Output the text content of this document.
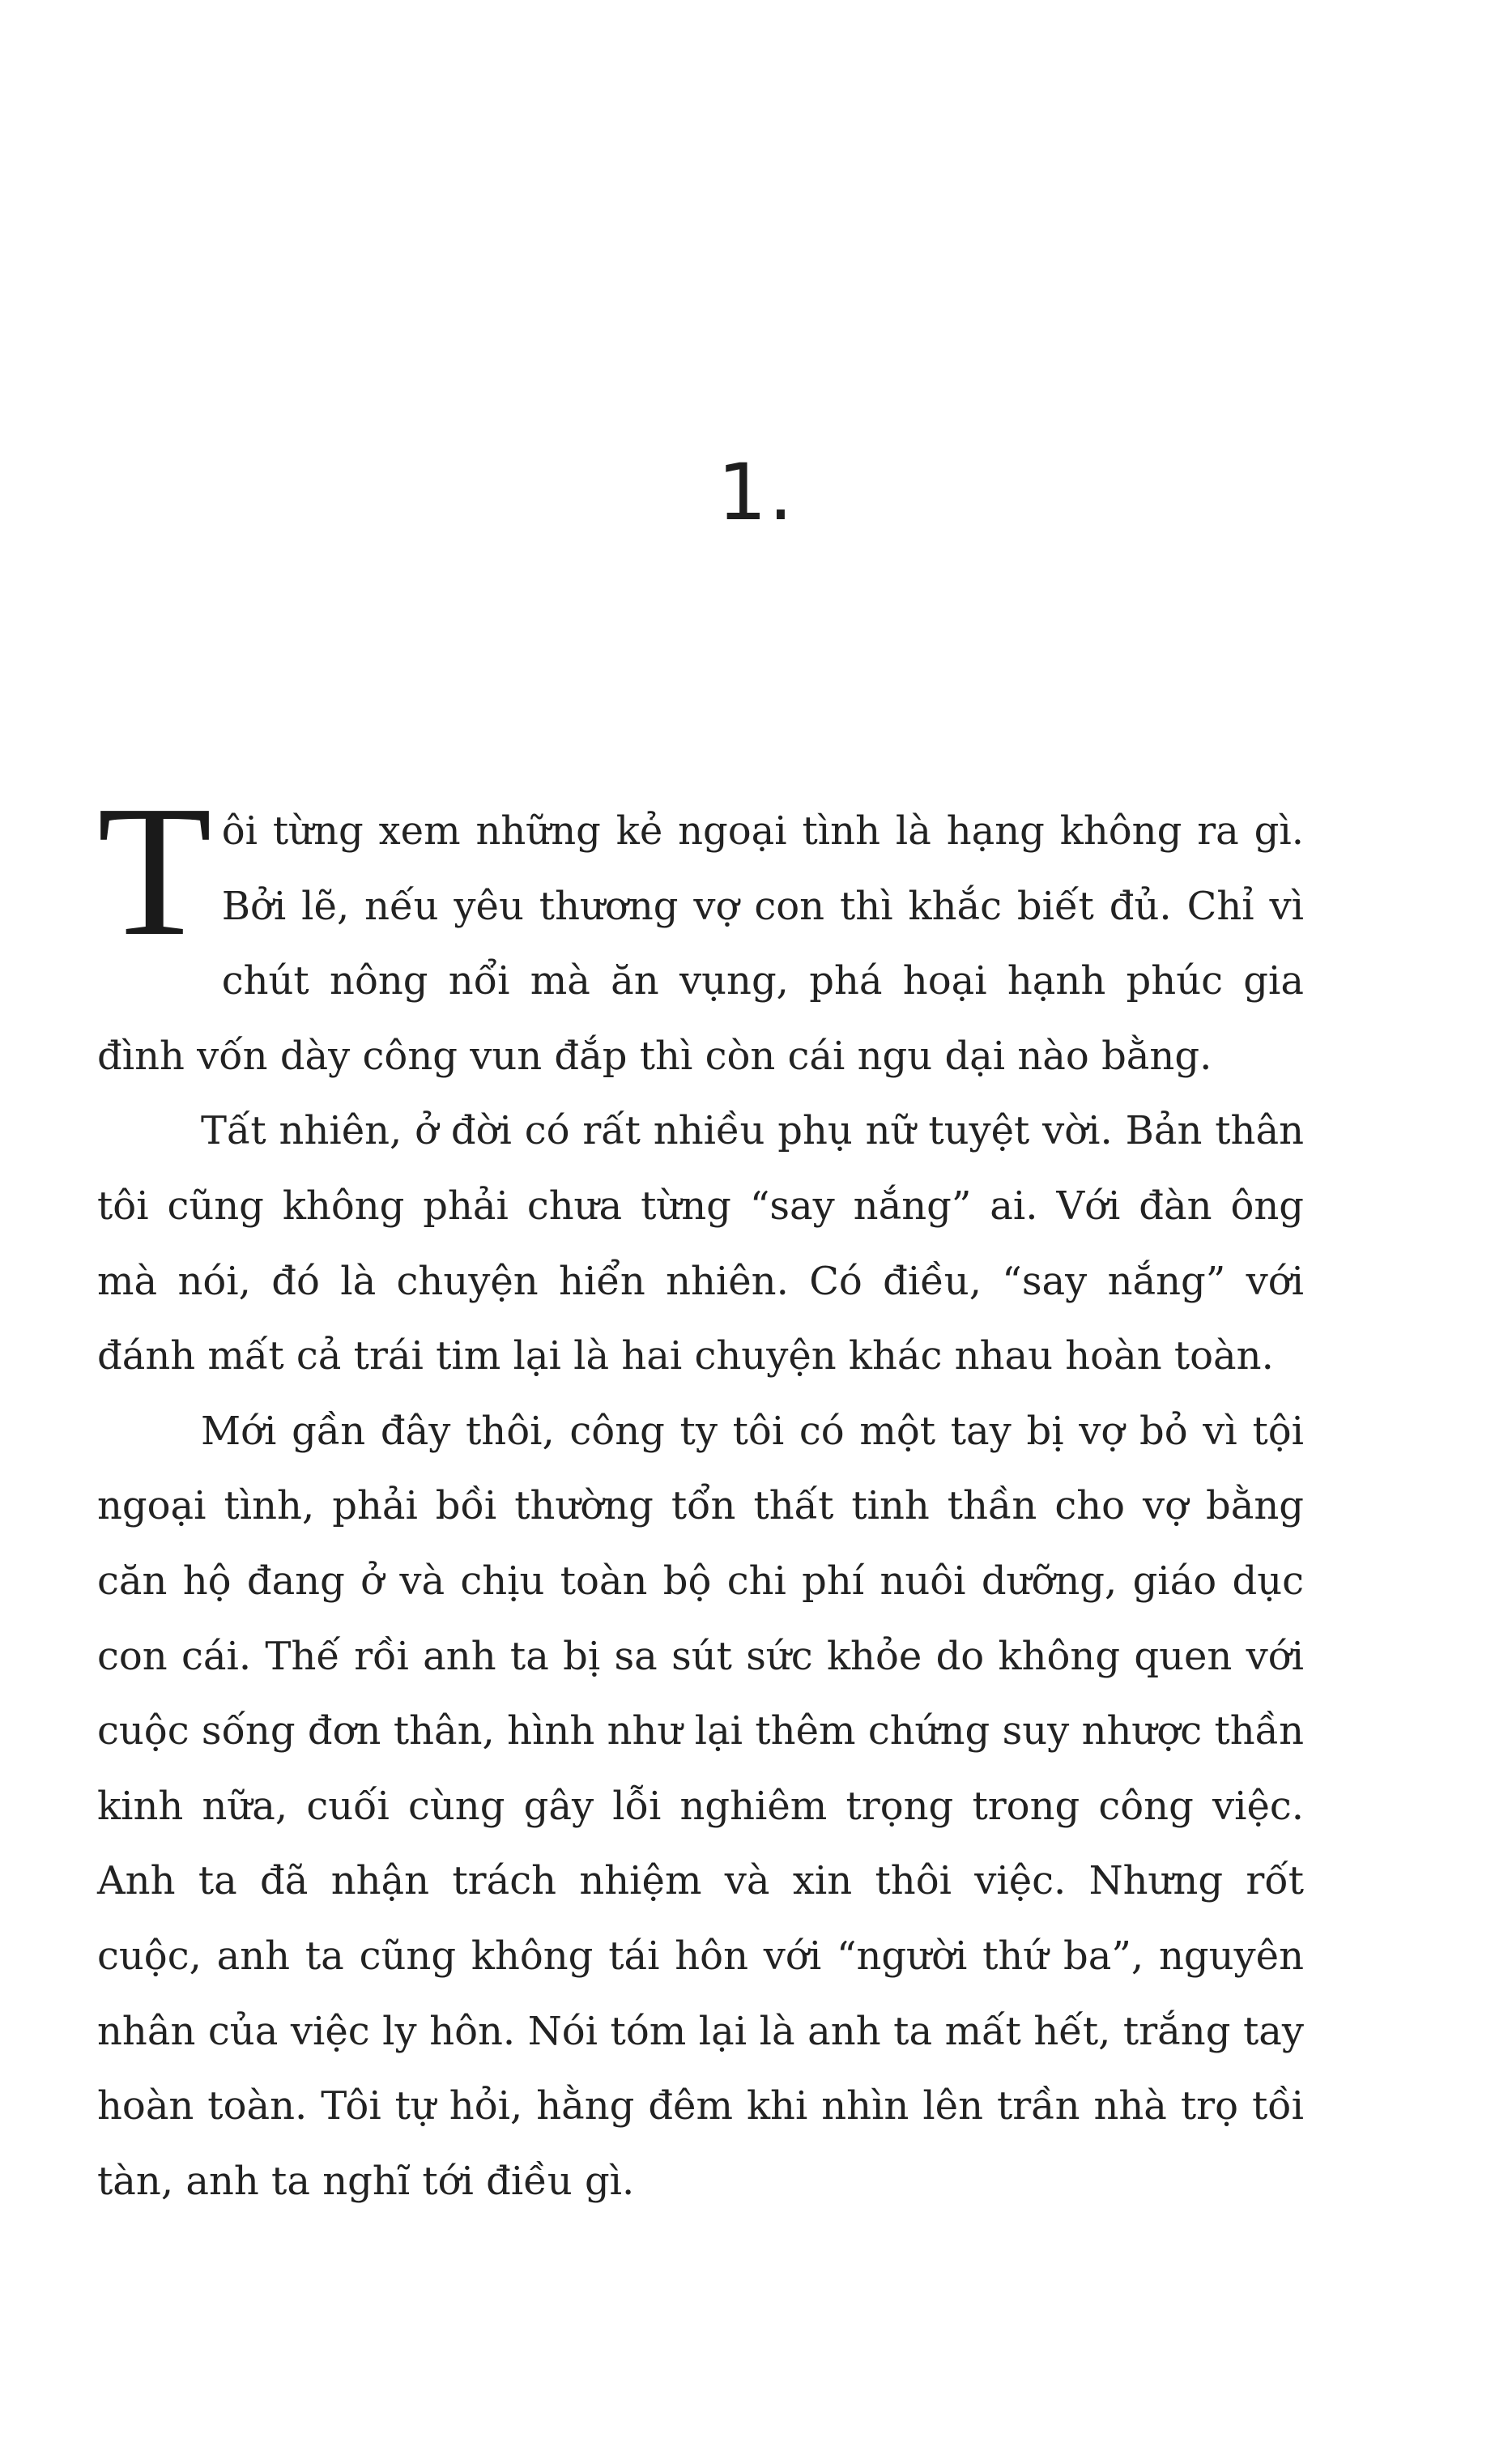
1.

Tôi từng xem những kẻ ngoại tình là hạng không ra gì. Bởi lẽ, nếu yêu thương vợ con thì khắc biết đủ. Chỉ vì chút nông nổi mà ăn vụng, phá hoại hạnh phúc gia đình vốn dày công vun đắp thì còn cái ngu dại nào bằng.

Tất nhiên, ở đời có rất nhiều phụ nữ tuyệt vời. Bản thân tôi cũng không phải chưa từng “say nắng” ai. Với đàn ông mà nói, đó là chuyện hiển nhiên. Có điều, “say nắng” với đánh mất cả trái tim lại là hai chuyện khác nhau hoàn toàn.

Mới gần đây thôi, công ty tôi có một tay bị vợ bỏ vì tội ngoại tình, phải bồi thường tổn thất tinh thần cho vợ bằng căn hộ đang ở và chịu toàn bộ chi phí nuôi dưỡng, giáo dục con cái. Thế rồi anh ta bị sa sút sức khỏe do không quen với cuộc sống đơn thân, hình như lại thêm chứng suy nhược thần kinh nữa, cuối cùng gây lỗi nghiêm trọng trong công việc. Anh ta đã nhận trách nhiệm và xin thôi việc. Nhưng rốt cuộc, anh ta cũng không tái hôn với “người thứ ba”, nguyên nhân của việc ly hôn. Nói tóm lại là anh ta mất hết, trắng tay hoàn toàn. Tôi tự hỏi, hằng đêm khi nhìn lên trần nhà trọ tồi tàn, anh ta nghĩ tới điều gì.
